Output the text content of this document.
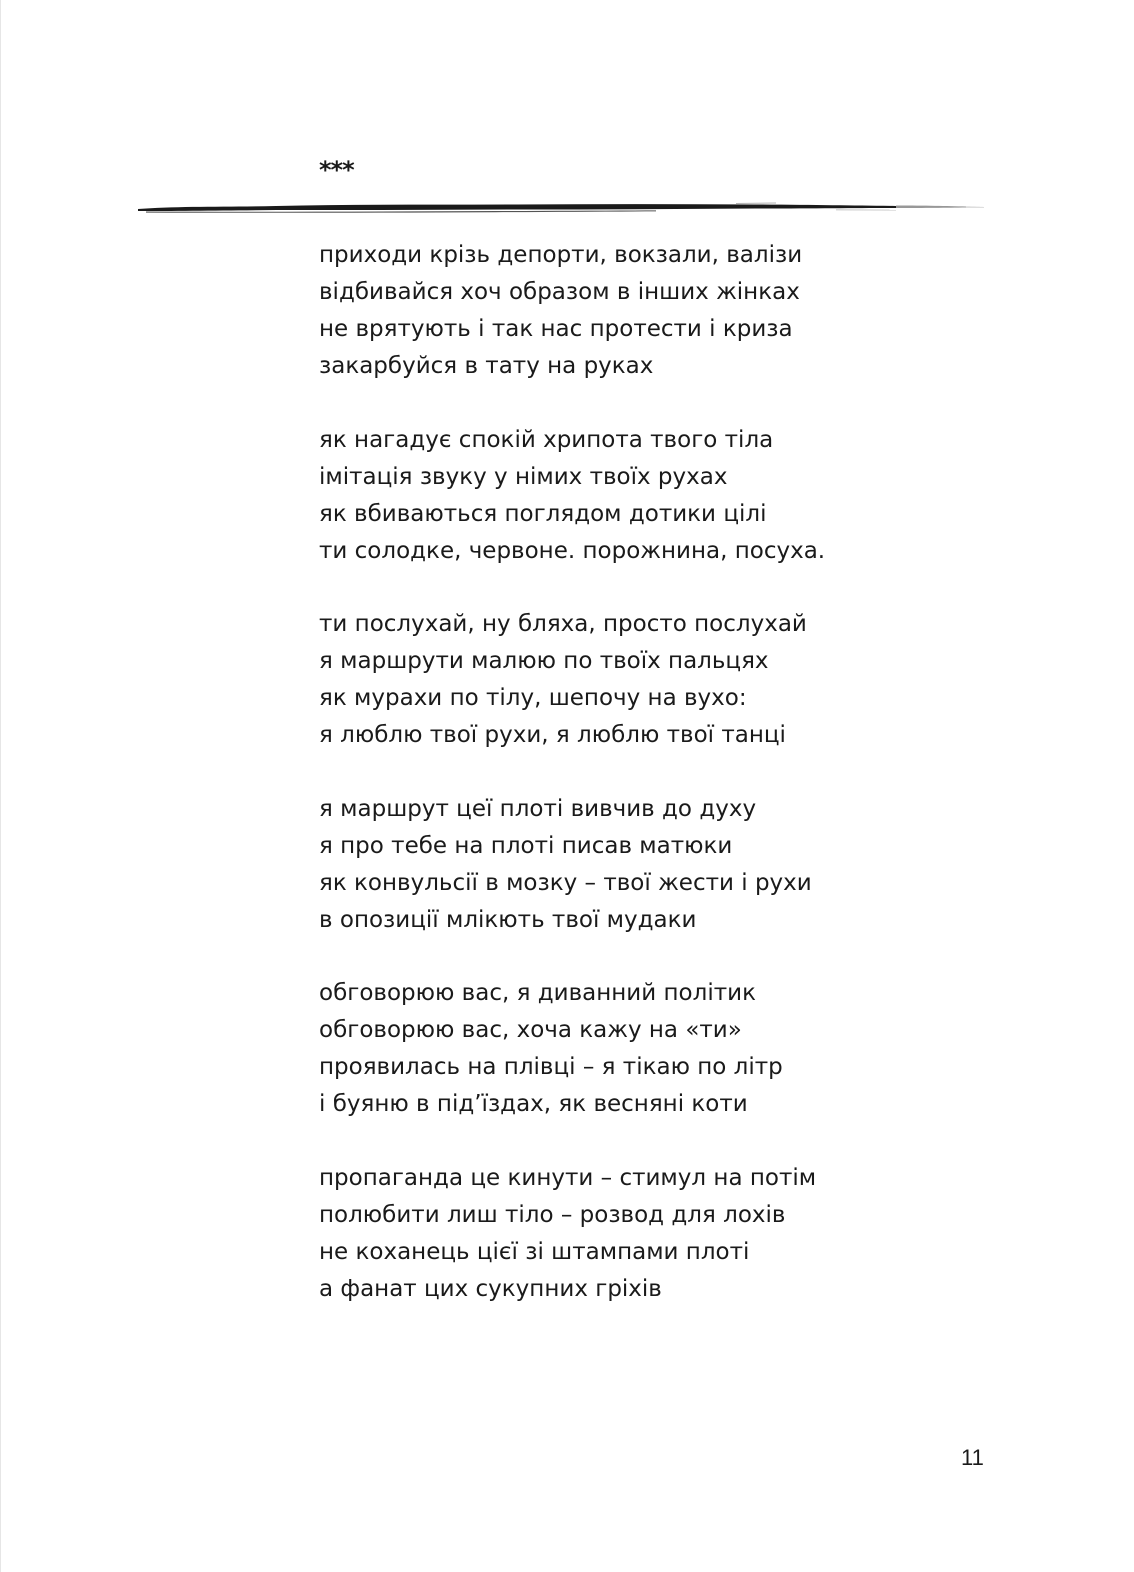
***
приходи крізь депорти, вокзали, валізи
відбивайся хоч образом в інших жінках
не врятують і так нас протести і криза
закарбуйся в тату на руках
як нагадує спокій хрипота твого тіла
імітація звуку у німих твоїх рухах
як вбиваються поглядом дотики цілі
ти солодке, червоне. порожнина, посуха.
ти послухай, ну бляха, просто послухай
я маршрути малюю по твоїх пальцях
як мурахи по тілу, шепочу на вухо:
я люблю твої рухи, я люблю твої танці
я маршрут цеї плоті вивчив до духу
я про тебе на плоті писав матюки
як конвульсії в мозку – твої жести і рухи
в опозиції млікють твої мудаки
обговорюю вас, я диванний політик
обговорюю вас, хоча кажу на «ти»
проявилась на плівці – я тікаю по літр
і буяню в під’їздах, як весняні коти
пропаганда це кинути – стимул на потім
полюбити лиш тіло – розвод для лохів
не коханець цієї зі штампами плоті
а фанат цих сукупних гріхів
11
